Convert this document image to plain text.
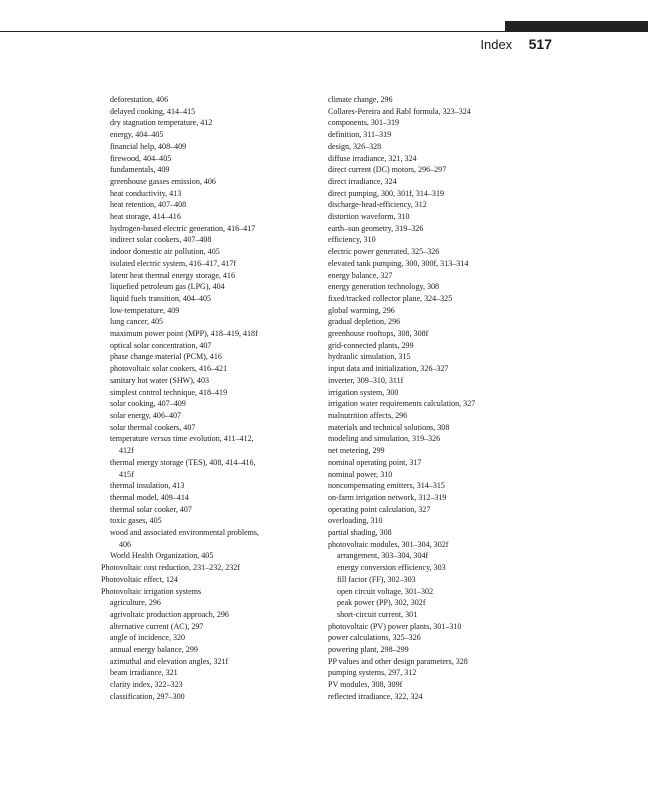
Index 517
deforestation, 406
delayed cooking, 414–415
dry stagnation temperature, 412
energy, 404–405
financial help, 408–409
firewood, 404–405
fundamentals, 409
greenhouse gasses emission, 406
heat conductivity, 413
heat retention, 407–408
heat storage, 414–416
hydrogen-based electric generation, 416–417
indirect solar cookers, 407–408
indoor domestic air pollution, 405
isolated electric system, 416–417, 417f
latent heat thermal energy storage, 416
liquefied petroleum gas (LPG), 404
liquid fuels transition, 404–405
low-temperature, 409
lung cancer, 405
maximum power point (MPP), 418–419, 418f
optical solar concentration, 407
phase change material (PCM), 416
photovoltaic solar cookers, 416–421
sanitary hot water (SHW), 403
simplest control technique, 418–419
solar cooking, 407–409
solar energy, 406–407
solar thermal cookers, 407
temperature versus time evolution, 411–412,
412f
thermal energy storage (TES), 408, 414–416,
415f
thermal insulation, 413
thermal model, 409–414
thermal solar cooker, 407
toxic gases, 405
wood and associated environmental problems,
406
World Health Organization, 405
Photovoltaic cost reduction, 231–232, 232f
Photovoltaic effect, 124
Photovoltaic irrigation systems
agriculture, 296
agrivoltaic production approach, 296
alternative current (AC), 297
angle of incidence, 320
annual energy balance, 299
azimuthal and elevation angles, 321f
beam irradiance, 321
clarity index, 322–323
classification, 297–300
climate change, 296
Collares-Pereira and Rabl formula, 323–324
components, 301–319
definition, 311–319
design, 326–328
diffuse irradiance, 321, 324
direct current (DC) motors, 296–297
direct irradiance, 324
direct pumping, 300, 301f, 314–319
discharge-head-efficiency, 312
distortion waveform, 310
earth–sun geometry, 319–326
efficiency, 310
electric power generated, 325–326
elevated tank pumping, 300, 300f, 313–314
energy balance, 327
energy generation technology, 308
fixed/tracked collector plane, 324–325
global warming, 296
gradual depletion, 296
greenhouse rooftops, 308, 308f
grid-connected plants, 299
hydraulic simulation, 315
input data and initialization, 326–327
inverter, 309–310, 311f
irrigation system, 300
irrigation water requirements calculation, 327
malnutrition affects, 296
materials and technical solutions, 308
modeling and simulation, 319–326
net metering, 299
nominal operating point, 317
nominal power, 310
noncompensating emitters, 314–315
on-farm irrigation network, 312–319
operating point calculation, 327
overloading, 310
partial shading, 308
photovoltaic modules, 301–304, 302f
arrangement, 303–304, 304f
energy conversion efficiency, 303
fill factor (FF), 302–303
open circuit voltage, 301–302
peak power (PP), 302, 302f
short-circuit current, 301
photovoltaic (PV) power plants, 301–310
power calculations, 325–326
powering plant, 298–299
PP values and other design parameters, 328
pumping systems, 297, 312
PV modules, 308, 309f
reflected irradiance, 322, 324
